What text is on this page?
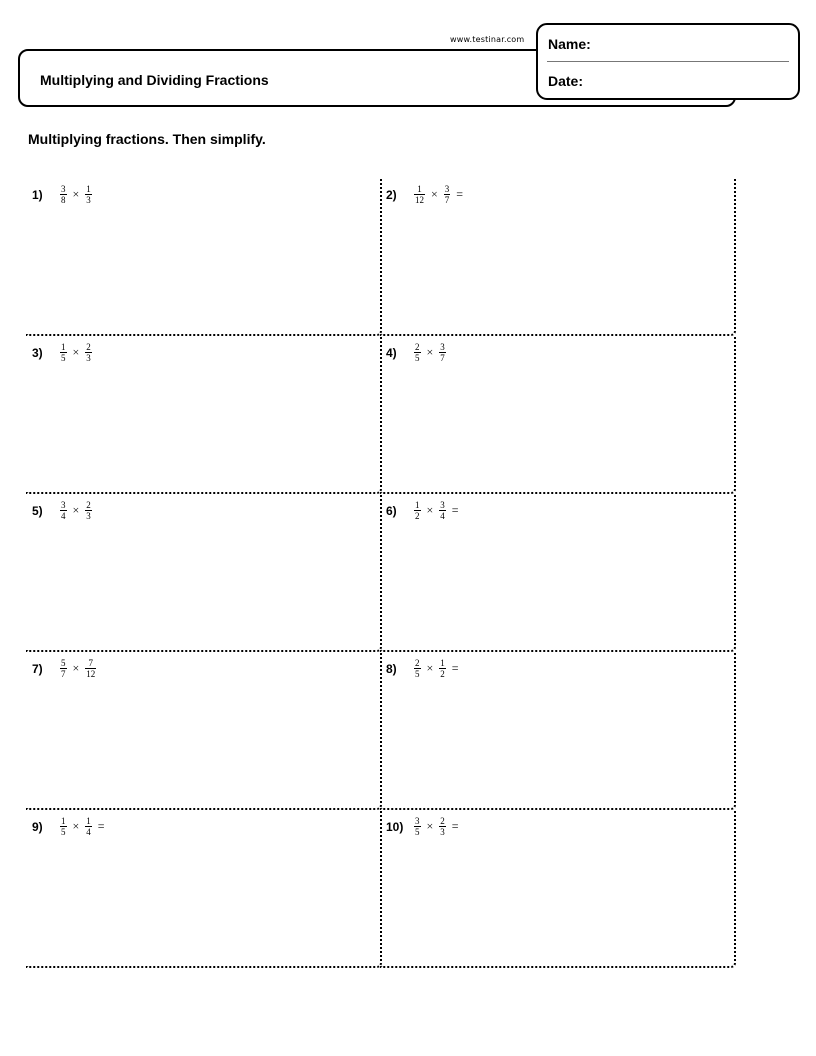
www.testinar.com
Multiplying and Dividing Fractions
Name:
Date:
Multiplying fractions. Then simplify.
1)	$\frac{3}{8} \times \frac{1}{3}$	2)	$\frac{1}{12} \times \frac{3}{7}$ =
3)	$\frac{1}{5} \times \frac{2}{3}$	4)	$\frac{2}{5} \times \frac{3}{7}$
5)	$\frac{3}{4} \times \frac{2}{3}$	6)	$\frac{1}{2} \times \frac{3}{4}$ =
7)	$\frac{5}{7} \times \frac{7}{12}$	8)	$\frac{2}{5} \times \frac{1}{2}$ =
9)	$\frac{1}{5} \times \frac{1}{4}$ =	10)	$\frac{3}{5} \times \frac{2}{3}$ =
